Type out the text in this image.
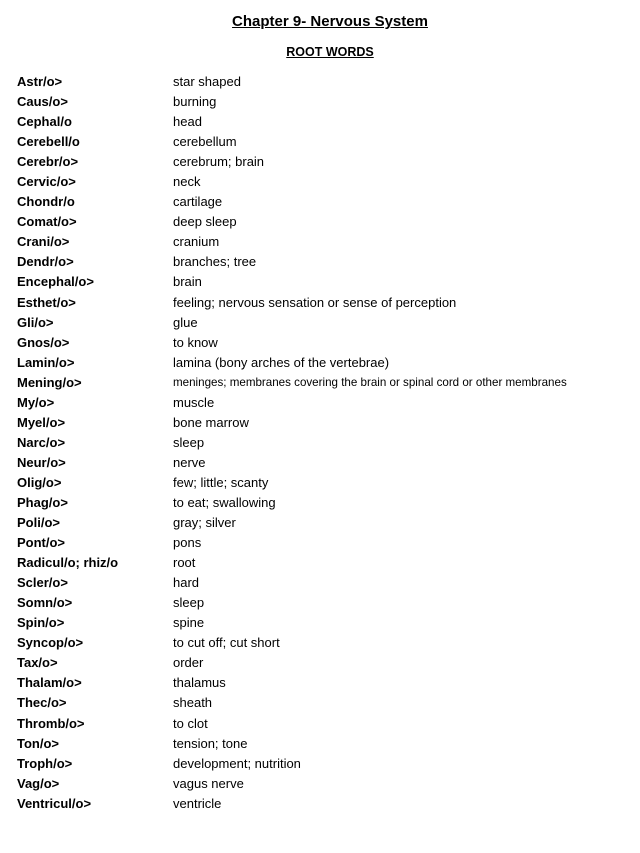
Chapter 9- Nervous System
ROOT WORDS
Astr/o>	star shaped
Caus/o>	burning
Cephal/o	head
Cerebell/o	cerebellum
Cerebr/o>	cerebrum; brain
Cervic/o>	neck
Chondr/o	cartilage
Comat/o>	deep sleep
Crani/o>	cranium
Dendr/o>	branches; tree
Encephal/o>	brain
Esthet/o>	feeling; nervous sensation or sense of perception
Gli/o>	glue
Gnos/o>	to know
Lamin/o>	lamina (bony arches of the vertebrae)
Mening/o>	meninges; membranes covering the brain or spinal cord or other membranes
My/o>	muscle
Myel/o>	bone marrow
Narc/o>	sleep
Neur/o>	nerve
Olig/o>	few; little; scanty
Phag/o>	to eat; swallowing
Poli/o>	gray; silver
Pont/o>	pons
Radicul/o; rhiz/o	root
Scler/o>	hard
Somn/o>	sleep
Spin/o>	spine
Syncop/o>	to cut off; cut short
Tax/o>	order
Thalam/o>	thalamus
Thec/o>	sheath
Thromb/o>	to clot
Ton/o>	tension; tone
Troph/o>	development; nutrition
Vag/o>	vagus nerve
Ventricul/o>	ventricle
